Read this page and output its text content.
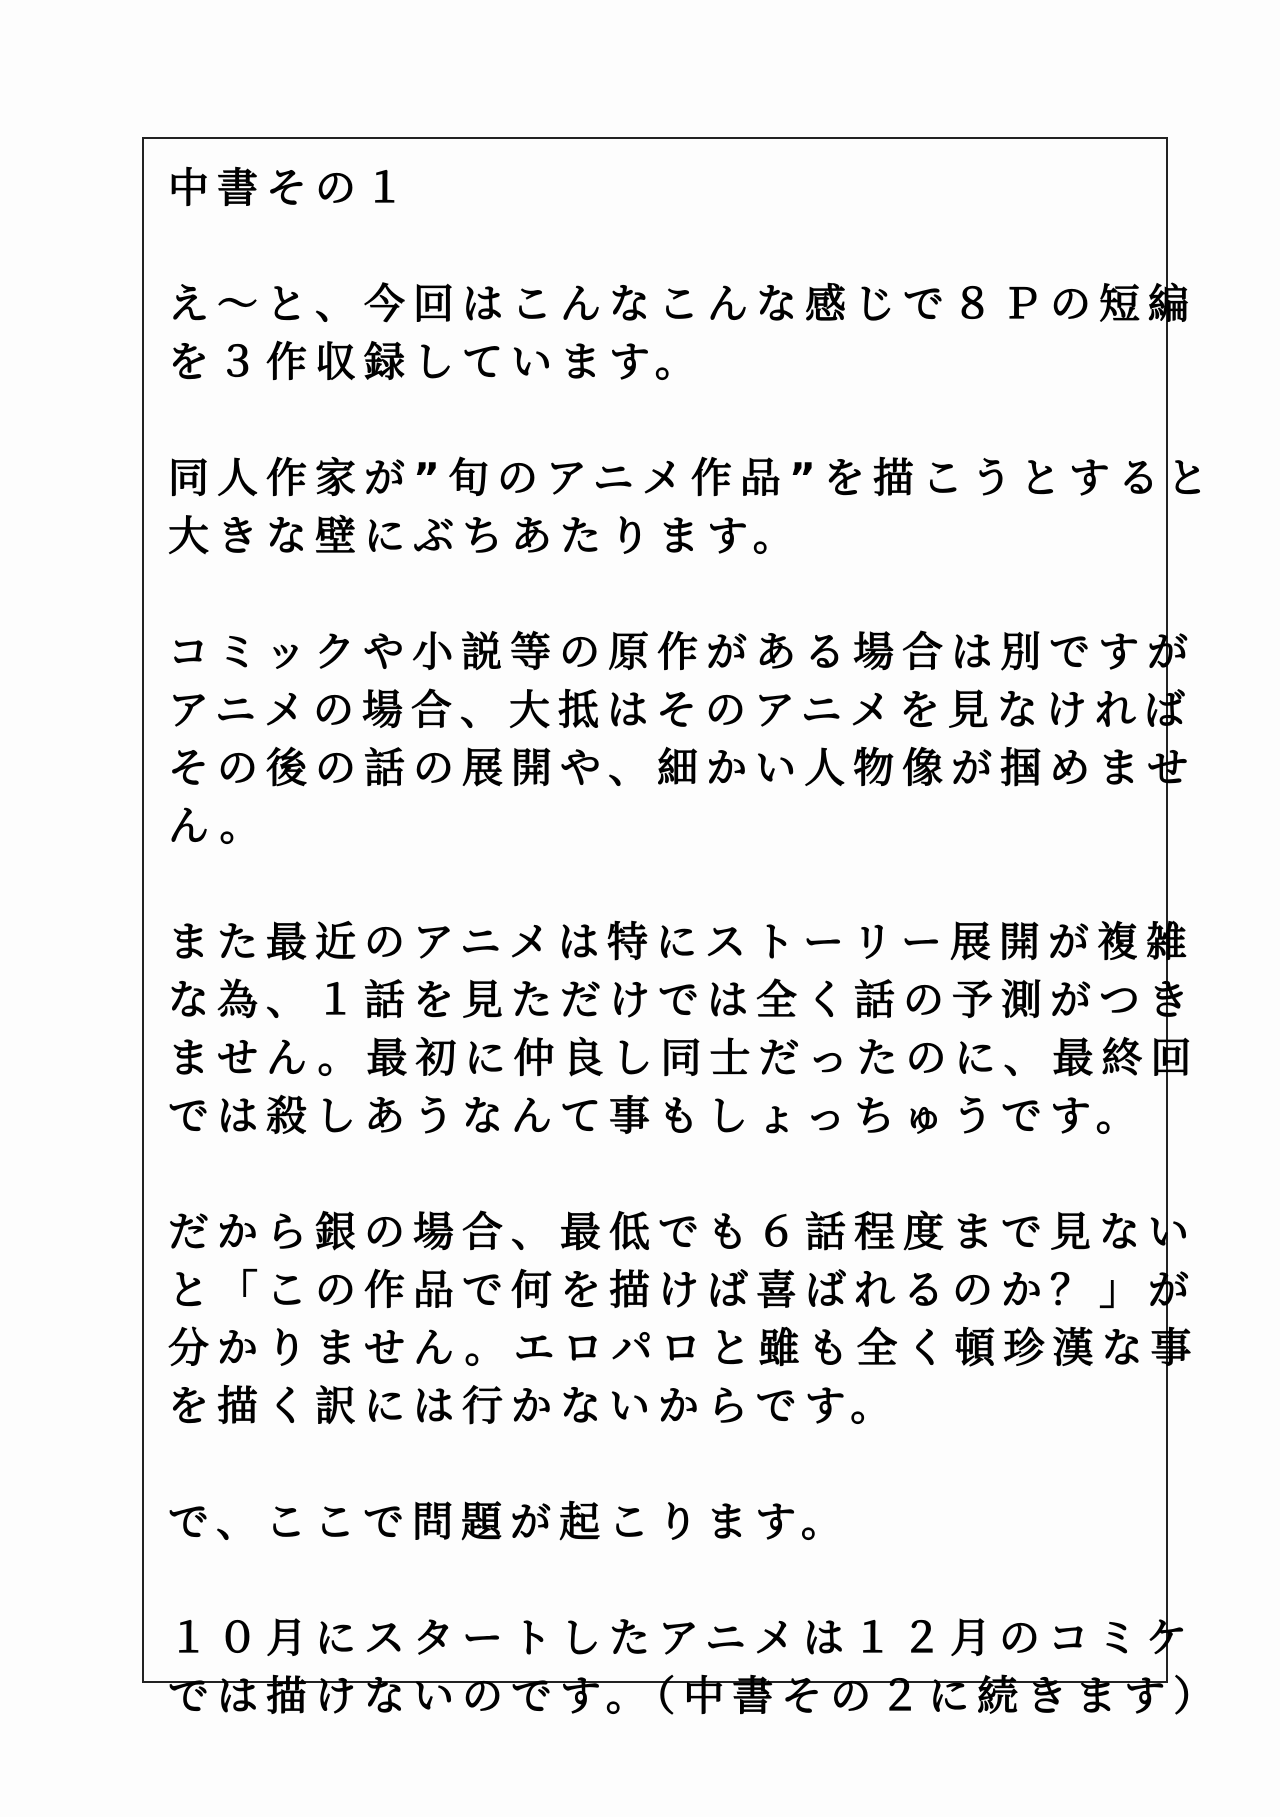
中書その１
え～と、今回はこんなこんな感じで８Ｐの短編
を３作収録しています。
同人作家が”旬のアニメ作品”を描こうとすると
大きな壁にぶちあたります。
コミックや小説等の原作がある場合は別ですが
アニメの場合、大抵はそのアニメを見なければ
その後の話の展開や、細かい人物像が掴めませ
ん。
また最近のアニメは特にストーリー展開が複雑
な為、１話を見ただけでは全く話の予測がつき
ません。最初に仲良し同士だったのに、最終回
では殺しあうなんて事もしょっちゅうです。
だから銀の場合、最低でも６話程度まで見ない
と「この作品で何を描けば喜ばれるのか？」が
分かりません。エロパロと雖も全く頓珍漢な事
を描く訳には行かないからです。
で、ここで問題が起こります。
１０月にスタートしたアニメは１２月のコミケ
では描けないのです。（中書その２に続きます）
